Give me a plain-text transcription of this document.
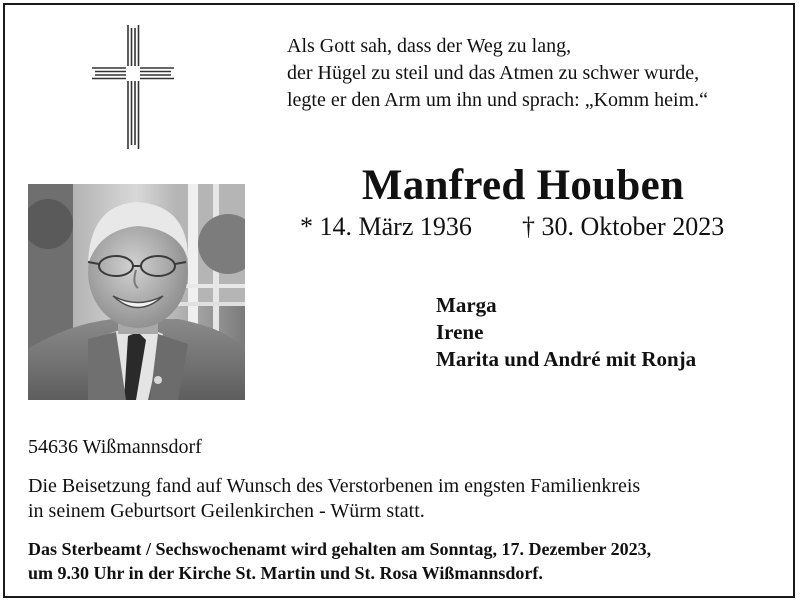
Als Gott sah, dass der Weg zu lang,
der Hügel zu steil und das Atmen zu schwer wurde,
legte er den Arm um ihn und sprach: „Komm heim.“
Manfred Houben
* 14. März 1936 † 30. Oktober 2023
Marga
Irene
Marita und André mit Ronja
54636 Wißmannsdorf
Die Beisetzung fand auf Wunsch des Verstorbenen im engsten Familienkreis
in seinem Geburtsort Geilenkirchen - Würm statt.
Das Sterbeamt / Sechswochenamt wird gehalten am Sonntag, 17. Dezember 2023,
um 9.30 Uhr in der Kirche St. Martin und St. Rosa Wißmannsdorf.
